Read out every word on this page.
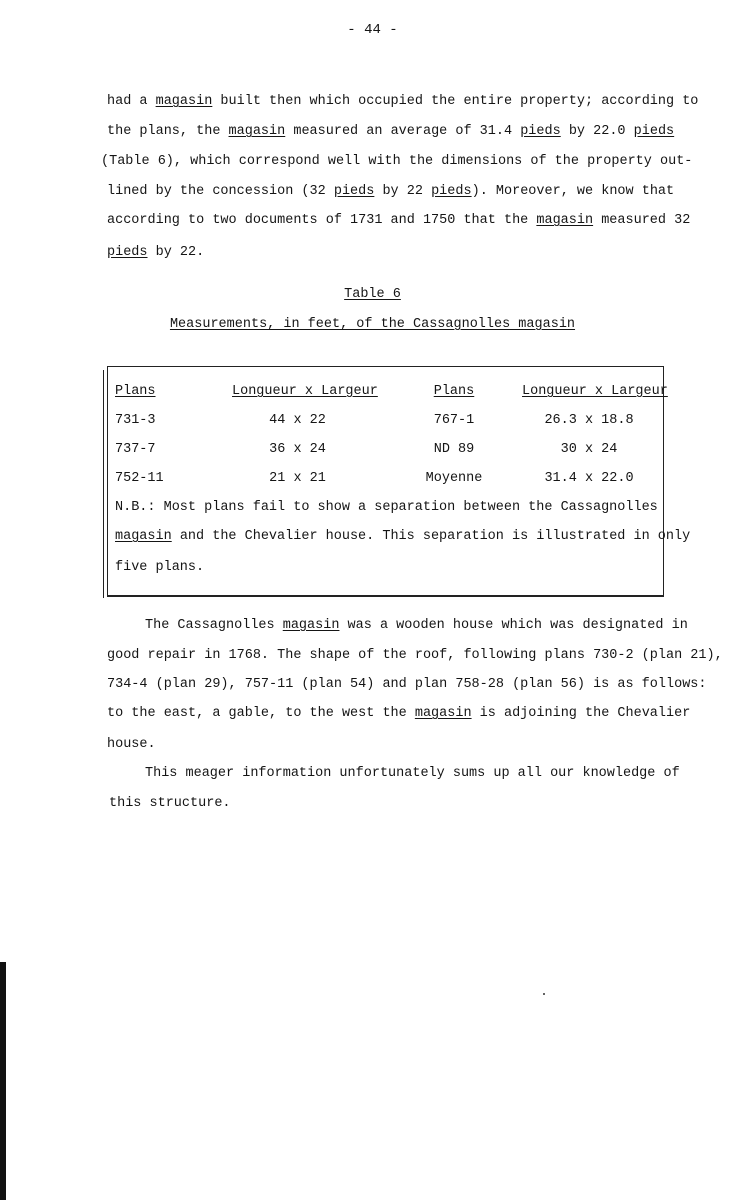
- 44 -
had a magasin built then which occupied the entire property; according to
the plans, the magasin measured an average of 31.4 pieds by 22.0 pieds
(Table 6), which correspond well with the dimensions of the property out-
lined by the concession (32 pieds by 22 pieds). Moreover, we know that
according to two documents of 1731 and 1750 that the magasin measured 32
pieds by 22.
Table 6
Measurements, in feet, of the Cassagnolles magasin
Plans	Longueur x Largeur	Plans	Longueur x Largeur
731-3	44 x 22	767-1	26.3 x 18.8
737-7	36 x 24	ND 89	30 x 24
752-11	21 x 21	Moyenne	31.4 x 22.0
N.B.: Most plans fail to show a separation between the Cassagnolles
magasin and the Chevalier house. This separation is illustrated in only
five plans.
The Cassagnolles magasin was a wooden house which was designated in
good repair in 1768. The shape of the roof, following plans 730-2 (plan 21),
734-4 (plan 29), 757-11 (plan 54) and plan 758-28 (plan 56) is as follows:
to the east, a gable, to the west the magasin is adjoining the Chevalier
house.
This meager information unfortunately sums up all our knowledge of
this structure.
